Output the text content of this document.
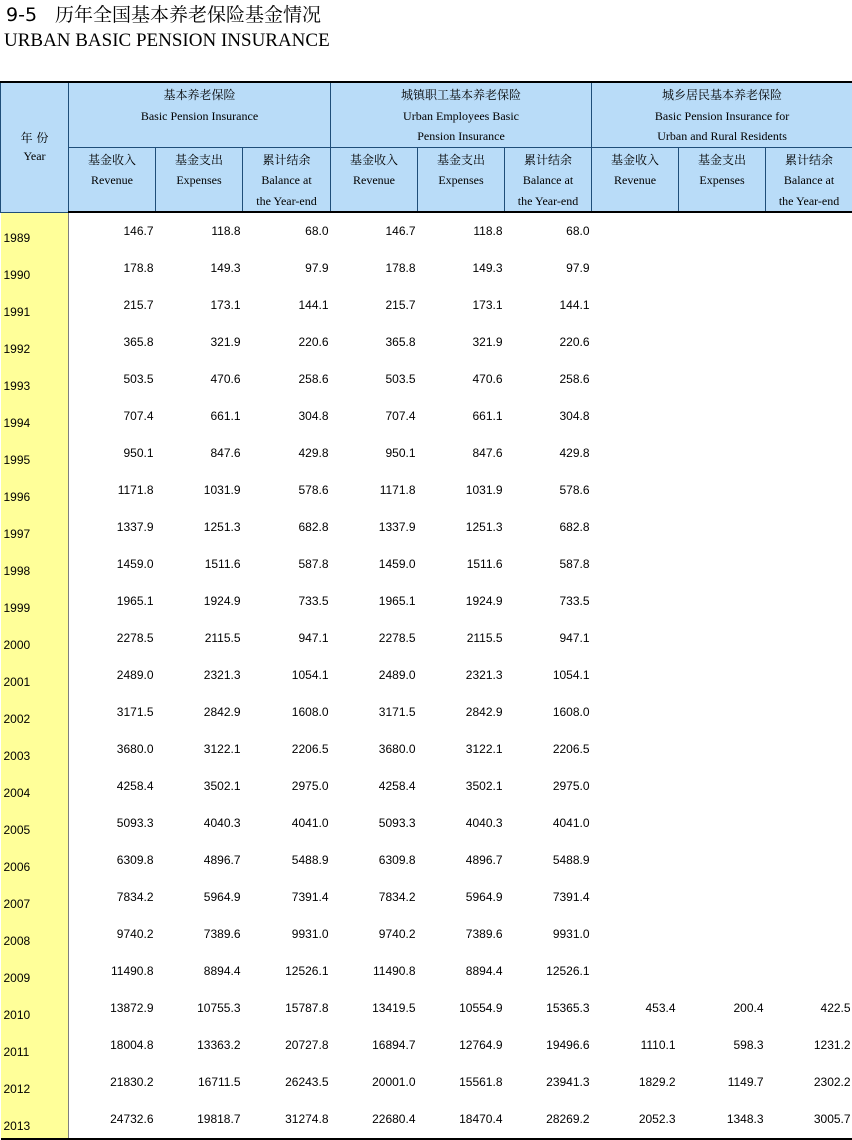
9-5 历年全国基本养老保险基金情况
URBAN BASIC PENSION INSURANCE
年 份
Year	基本养老保险
Basic Pension Insurance			城镇职工基本养老保险
Urban Employees Basic
Pension Insurance			城乡居民基本养老保险
Basic Pension Insurance for
Urban and Rural Residents		

	基金收入
Revenue	基金支出
Expenses	累计结余
Balance at
the Year-end	基金收入
Revenue	基金支出
Expenses	累计结余
Balance at
the Year-end	基金收入
Revenue	基金支出
Expenses	累计结余
Balance at
the Year-end

1989	146.7	118.8	68.0	146.7	118.8	68.0			
1990	178.8	149.3	97.9	178.8	149.3	97.9			
1991	215.7	173.1	144.1	215.7	173.1	144.1			
1992	365.8	321.9	220.6	365.8	321.9	220.6			
1993	503.5	470.6	258.6	503.5	470.6	258.6			
1994	707.4	661.1	304.8	707.4	661.1	304.8			
1995	950.1	847.6	429.8	950.1	847.6	429.8			
1996	1171.8	1031.9	578.6	1171.8	1031.9	578.6			
1997	1337.9	1251.3	682.8	1337.9	1251.3	682.8			
1998	1459.0	1511.6	587.8	1459.0	1511.6	587.8			
1999	1965.1	1924.9	733.5	1965.1	1924.9	733.5			
2000	2278.5	2115.5	947.1	2278.5	2115.5	947.1			
2001	2489.0	2321.3	1054.1	2489.0	2321.3	1054.1			
2002	3171.5	2842.9	1608.0	3171.5	2842.9	1608.0			
2003	3680.0	3122.1	2206.5	3680.0	3122.1	2206.5			
2004	4258.4	3502.1	2975.0	4258.4	3502.1	2975.0			
2005	5093.3	4040.3	4041.0	5093.3	4040.3	4041.0			
2006	6309.8	4896.7	5488.9	6309.8	4896.7	5488.9			
2007	7834.2	5964.9	7391.4	7834.2	5964.9	7391.4			
2008	9740.2	7389.6	9931.0	9740.2	7389.6	9931.0			
2009	11490.8	8894.4	12526.1	11490.8	8894.4	12526.1			
2010	13872.9	10755.3	15787.8	13419.5	10554.9	15365.3	453.4	200.4	422.5
2011	18004.8	13363.2	20727.8	16894.7	12764.9	19496.6	1110.1	598.3	1231.2
2012	21830.2	16711.5	26243.5	20001.0	15561.8	23941.3	1829.2	1149.7	2302.2
2013	24732.6	19818.7	31274.8	22680.4	18470.4	28269.2	2052.3	1348.3	3005.7
